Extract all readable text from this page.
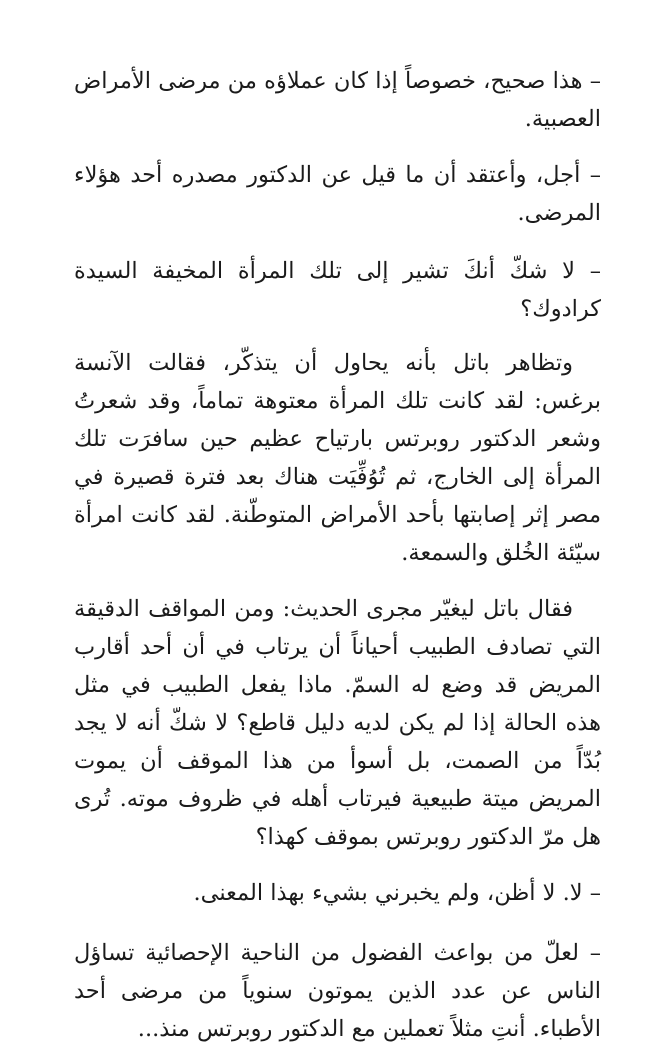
– هذا صحيح، خصوصاً إذا كان عملاؤه من مرضى الأمراض العصبية.

– أجل، وأعتقد أن ما قيل عن الدكتور مصدره أحد هؤلاء المرضى.

– لا شكّ أنكَ تشير إلى تلك المرأة المخيفة السيدة كرادوك؟

وتظاهر باتل بأنه يحاول أن يتذكّر، فقالت الآنسة برغس: لقد كانت تلك المرأة معتوهة تماماً، وقد شعرتُ وشعر الدكتور روبرتس بارتياح عظيم حين سافرَت تلك المرأة إلى الخارج، ثم تُوُفِّيَت هناك بعد فترة قصيرة في مصر إثر إصابتها بأحد الأمراض المتوطّنة. لقد كانت امرأة سيّئة الخُلق والسمعة.

فقال باتل ليغيّر مجرى الحديث: ومن المواقف الدقيقة التي تصادف الطبيب أحياناً أن يرتاب في أن أحد أقارب المريض قد وضع له السمّ. ماذا يفعل الطبيب في مثل هذه الحالة إذا لم يكن لديه دليل قاطع؟ لا شكّ أنه لا يجد بُدّاً من الصمت، بل أسوأ من هذا الموقف أن يموت المريض ميتة طبيعية فيرتاب أهله في ظروف موته. تُرى هل مرّ الدكتور روبرتس بموقف كهذا؟

– لا. لا أظن، ولم يخبرني بشيء بهذا المعنى.

– لعلّ من بواعث الفضول من الناحية الإحصائية تساؤل الناس عن عدد الذين يموتون سنوياً من مرضى أحد الأطباء. أنتِ مثلاً تعملين مع الدكتور روبرتس منذ...
